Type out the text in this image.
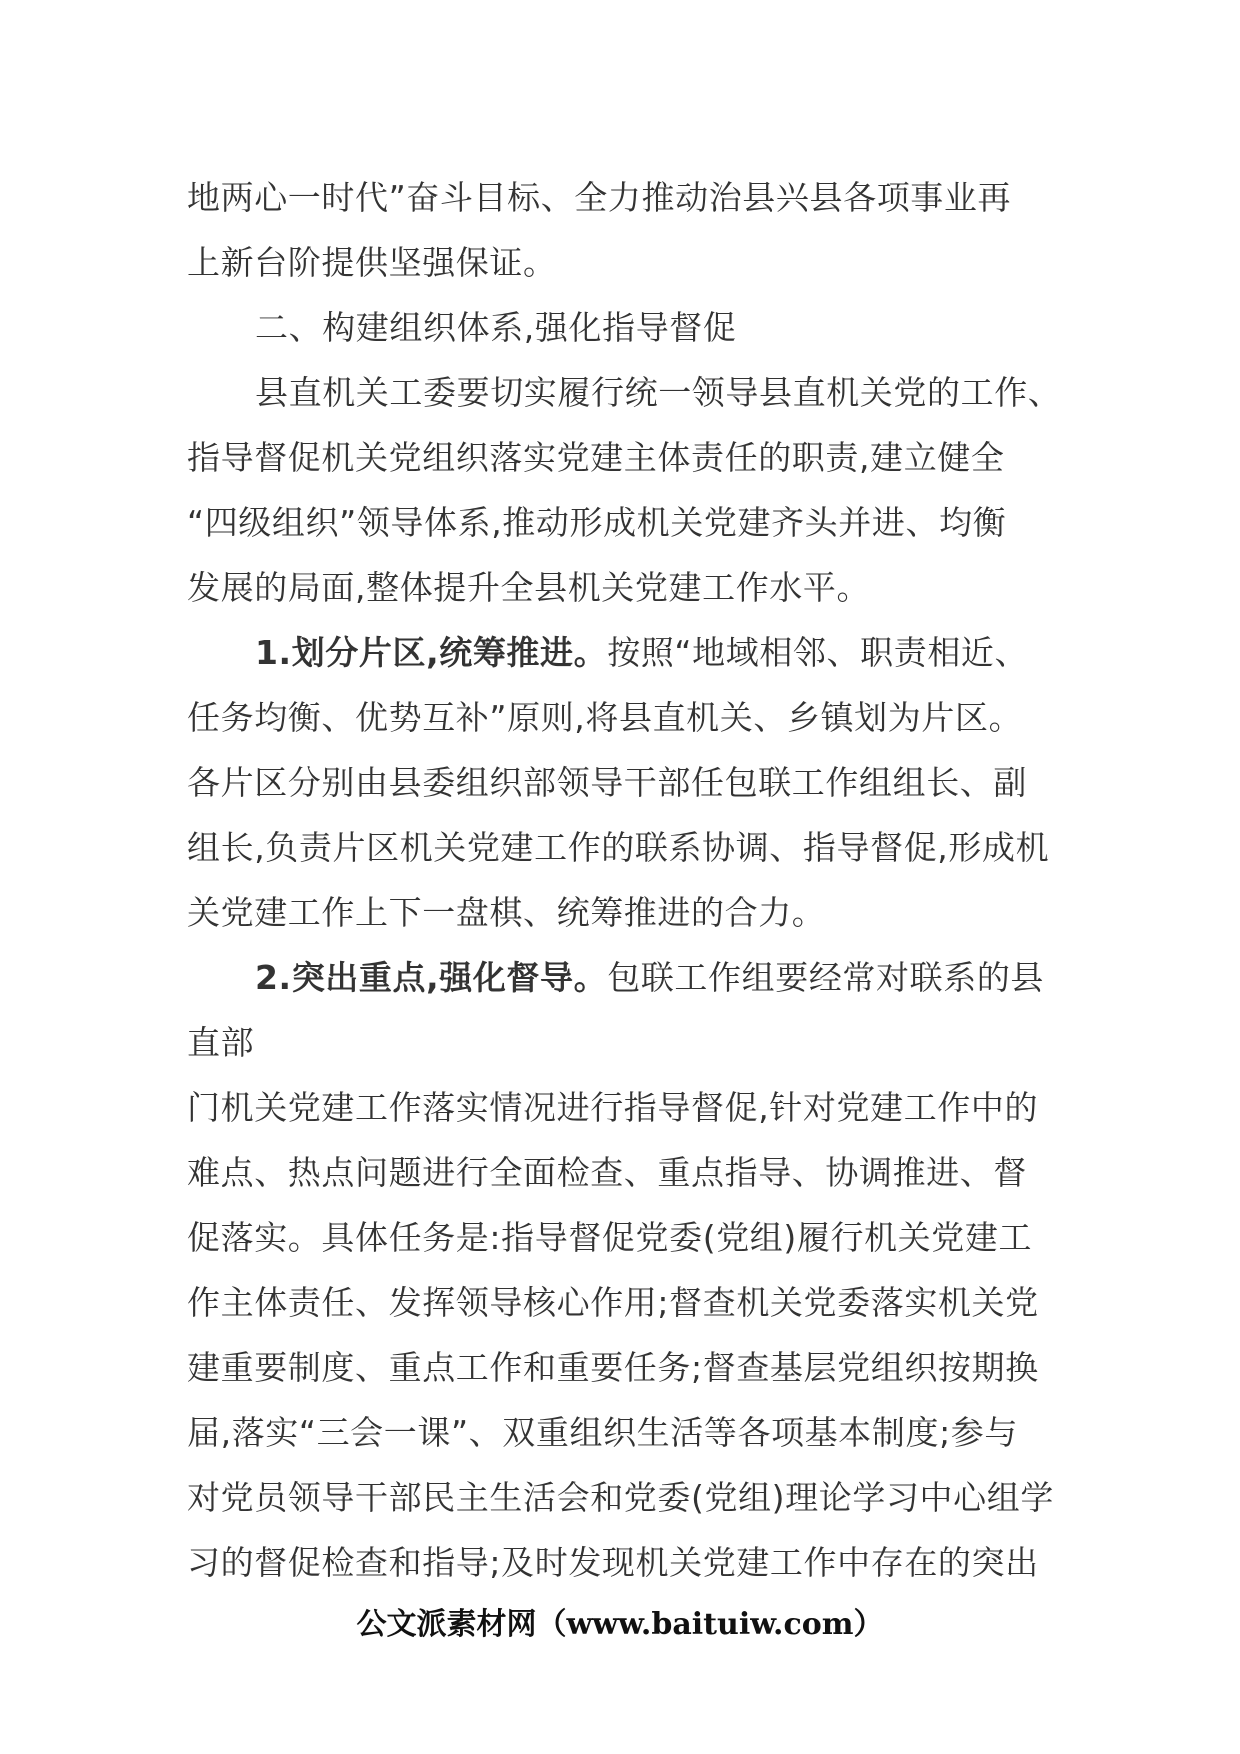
地两心一时代”奋斗目标、全力推动治县兴县各项事业再
上新台阶提供坚强保证。
二、构建组织体系,强化指导督促
县直机关工委要切实履行统一领导县直机关党的工作、
指导督促机关党组织落实党建主体责任的职责,建立健全
“四级组织”领导体系,推动形成机关党建齐头并进、均衡
发展的局面,整体提升全县机关党建工作水平。
1.划分片区,统筹推进。按照“地域相邻、职责相近、
任务均衡、优势互补”原则,将县直机关、乡镇划为片区。
各片区分别由县委组织部领导干部任包联工作组组长、副
组长,负责片区机关党建工作的联系协调、指导督促,形成机
关党建工作上下一盘棋、统筹推进的合力。
2.突出重点,强化督导。包联工作组要经常对联系的县
直部
门机关党建工作落实情况进行指导督促,针对党建工作中的
难点、热点问题进行全面检查、重点指导、协调推进、督
促落实。具体任务是:指导督促党委(党组)履行机关党建工
作主体责任、发挥领导核心作用;督查机关党委落实机关党
建重要制度、重点工作和重要任务;督查基层党组织按期换
届,落实“三会一课”、双重组织生活等各项基本制度;参与
对党员领导干部民主生活会和党委(党组)理论学习中心组学
习的督促检查和指导;及时发现机关党建工作中存在的突出
公文派素材网（www.baituiw.com）
